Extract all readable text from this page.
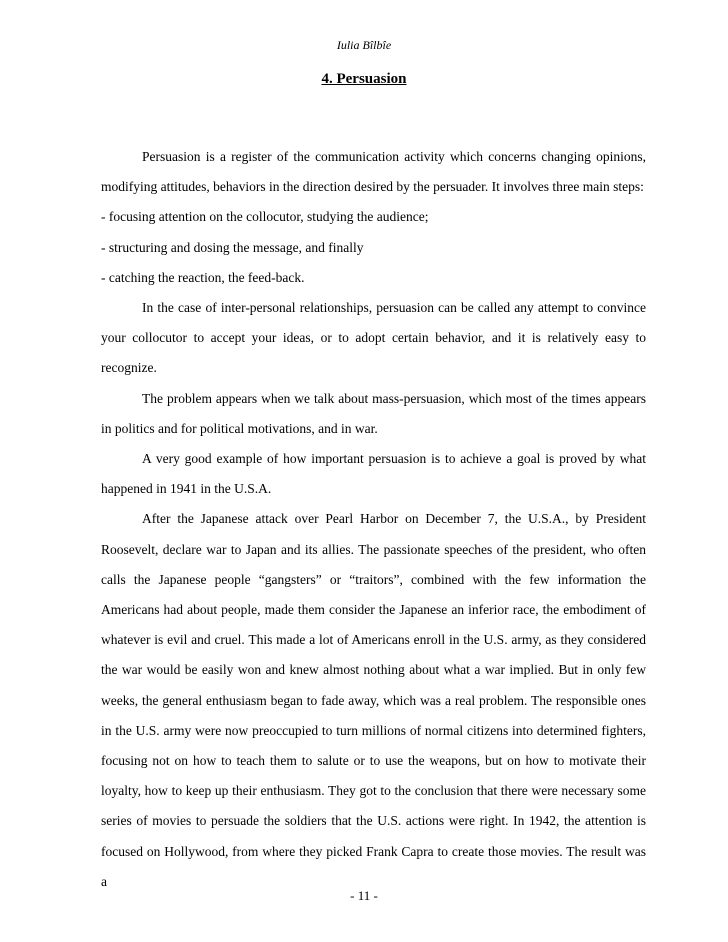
Iulia Bîlbîe
4. Persuasion

Persuasion is a register of the communication activity which concerns changing opinions, modifying attitudes, behaviors in the direction desired by the persuader. It involves three main steps:

- focusing attention on the collocutor, studying the audience;

- structuring and dosing the message, and finally

- catching the reaction, the feed-back.

In the case of inter-personal relationships, persuasion can be called any attempt to convince your collocutor to accept your ideas, or to adopt certain behavior, and it is relatively easy to recognize.

The problem appears when we talk about mass-persuasion, which most of the times appears in politics and for political motivations, and in war.

A very good example of how important persuasion is to achieve a goal is proved by what happened in 1941 in the U.S.A.

After the Japanese attack over Pearl Harbor on December 7, the U.S.A., by President Roosevelt, declare war to Japan and its allies. The passionate speeches of the president, who often calls the Japanese people “gangsters” or “traitors”, combined with the few information the Americans had about people, made them consider the Japanese an inferior race, the embodiment of whatever is evil and cruel. This made a lot of Americans enroll in the U.S. army, as they considered the war would be easily won and knew almost nothing about what a war implied. But in only few weeks, the general enthusiasm began to fade away, which was a real problem. The responsible ones in the U.S. army were now preoccupied to turn millions of normal citizens into determined fighters, focusing not on how to teach them to salute or to use the weapons, but on how to motivate their loyalty, how to keep up their enthusiasm. They got to the conclusion that there were necessary some series of movies to persuade the soldiers that the U.S. actions were right. In 1942, the attention is focused on Hollywood, from where they picked Frank Capra to create those movies. The result was a

- 11 -
